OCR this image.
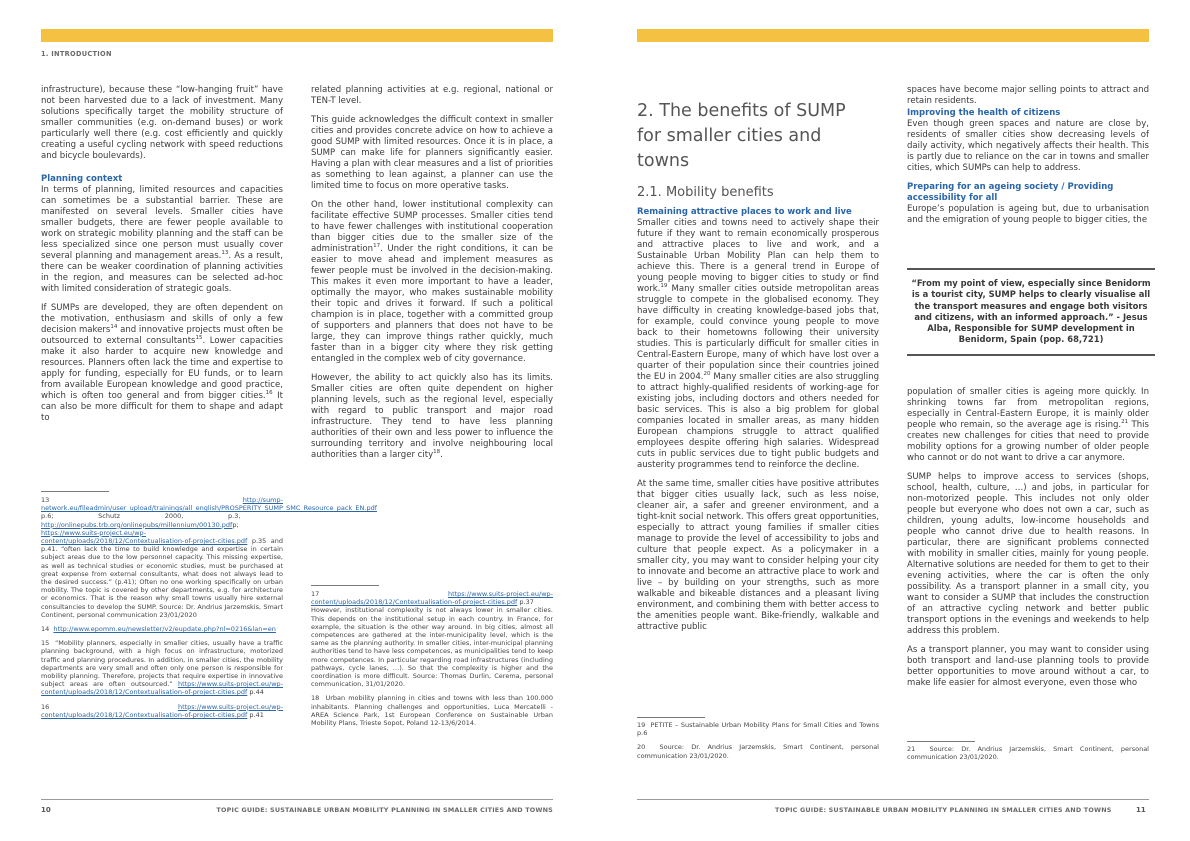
1. INTRODUCTION

infrastructure), because these “low-hanging fruit” have not been harvested due to a lack of investment. Many solutions specifically target the mobility structure of smaller communities (e.g. on-demand buses) or work particularly well there (e.g. cost efficiently and quickly creating a useful cycling network with speed reductions and bicycle boulevards).

Planning context

In terms of planning, limited resources and capacities can sometimes be a substantial barrier. These are manifested on several levels. Smaller cities have smaller budgets, there are fewer people available to work on strategic mobility planning and the staff can be less specialized since one person must usually cover several planning and management areas.$^{13}$. As a result, there can be weaker coordination of planning activities in the region, and measures can be selected ad-hoc with limited consideration of strategic goals.

If SUMPs are developed, they are often dependent on the motivation, enthusiasm and skills of only a few decision makers$^{14}$ and innovative projects must often be outsourced to external consultants$^{15}$. Lower capacities make it also harder to acquire new knowledge and resources. Planners often lack the time and expertise to apply for funding, especially for EU funds, or to learn from available European knowledge and good practice, which is often too general and from bigger cities.$^{16}$ It can also be more difficult for them to shape and adapt to

related planning activities at e.g. regional, national or TEN-T level.

This guide acknowledges the difficult context in smaller cities and provides concrete advice on how to achieve a good SUMP with limited resources. Once it is in place, a SUMP can make life for planners significantly easier. Having a plan with clear measures and a list of priorities as something to lean against, a planner can use the limited time to focus on more operative tasks.

On the other hand, lower institutional complexity can facilitate effective SUMP processes. Smaller cities tend to have fewer challenges with institutional cooperation than bigger cities due to the smaller size of the administration$^{17}$. Under the right conditions, it can be easier to move ahead and implement measures as fewer people must be involved in the decision-making. This makes it even more important to have a leader, optimally the mayor, who makes sustainable mobility their topic and drives it forward. If such a political champion is in place, together with a committed group of supporters and planners that does not have to be large, they can improve things rather quickly, much faster than in a bigger city where they risk getting entangled in the complex web of city governance.

However, the ability to act quickly also has its limits. Smaller cities are often quite dependent on higher planning levels, such as the regional level, especially with regard to public transport and major road infrastructure. They tend to have less planning authorities of their own and less power to influence the surrounding territory and involve neighbouring local authorities than a larger city$^{18}$.

13	http://sump-network.eu/fileadmin/user_upload/trainings/all_english/PROSPERITY_SUMP_SMC_Resource_pack_EN.pdf p.6; Schutz 2000, p.3, http://onlinepubs.trb.org/onlinepubs/millennium/00130.pdfp; https://www.suits-project.eu/wp-content/uploads/2018/12/Contextualisation-of-project-cities.pdf p.35 and p.41. “often lack the time to build knowledge and expertise in certain subject areas due to the low personnel capacity. This missing expertise, as well as technical studies or economic studies, must be purchased at great expense from external consultants, what does not always lead to the desired success.” (p.41); Often no one working specifically on urban mobility. The topic is covered by other departments, e.g. for architecture or economics. That is the reason why small towns usually hire external consultancies to develop the SUMP. Source: Dr. Andrius Jarzemskis, Smart Continent, personal communication 23/01/2020

14 http://www.epomm.eu/newsletter/v2/eupdate.php?nl=0216&lan=en

15 “Mobility planners, especially in smaller cities, usually have a traffic planning background, with a high focus on infrastructure, motorized traffic and planning procedures. In addition, in smaller cities, the mobility departments are very small and often only one person is responsible for mobility planning. Therefore, projects that require expertise in innovative subject areas are often outsourced.” https://www.suits-project.eu/wp-content/uploads/2018/12/Contextualisation-of-project-cities.pdf p.44

16	https://www.suits-project.eu/wp-content/uploads/2018/12/Contextualisation-of-project-cities.pdf p.41

17	https://www.suits-project.eu/wp-content/uploads/2018/12/Contextualisation-of-project-cities.pdf p.37
However, institutional complexity is not always lower in smaller cities. This depends on the institutional setup in each country. In France, for example, the situation is the other way around. In big cities, almost all competences are gathered at the inter-municipality level, which is the same as the planning authority. In smaller cities, inter-municipal planning authorities tend to have less competences, as municipalities tend to keep more competences. In particular regarding road infrastructures (including pathways, cycle lanes, …). So that the complexity is higher and the coordination is more difficult. Source: Thomas Durlin, Cerema, personal communication, 31/01/2020.

18 Urban mobility planning in cities and towns with less than 100.000 inhabitants. Planning challenges and opportunities, Luca Mercatelli - AREA Science Park, 1st European Conference on Sustainable Urban Mobility Plans, Trieste Sopot, Poland 12-13/6/2014.

10	TOPIC GUIDE: SUSTAINABLE URBAN MOBILITY PLANNING IN SMALLER CITIES AND TOWNS
2. The benefits of SUMP for smaller cities and towns
2.1. Mobility benefits
Remaining attractive places to work and live

Smaller cities and towns need to actively shape their future if they want to remain economically prosperous and attractive places to live and work, and a Sustainable Urban Mobility Plan can help them to achieve this. There is a general trend in Europe of young people moving to bigger cities to study or find work.$^{19}$ Many smaller cities outside metropolitan areas struggle to compete in the globalised economy. They have difficulty in creating knowledge-based jobs that, for example, could convince young people to move back to their hometowns following their university studies. This is particularly difficult for smaller cities in Central-Eastern Europe, many of which have lost over a quarter of their population since their countries joined the EU in 2004.20 Many smaller cities are also struggling to attract highly-qualified residents of working-age for existing jobs, including doctors and others needed for basic services. This is also a big problem for global companies located in smaller areas, as many hidden European champions struggle to attract qualified employees despite offering high salaries. Widespread cuts in public services due to tight public budgets and austerity programmes tend to reinforce the decline.

At the same time, smaller cities have positive attributes that bigger cities usually lack, such as less noise, cleaner air, a safer and greener environment, and a tight-knit social network. This offers great opportunities, especially to attract young families if smaller cities manage to provide the level of accessibility to jobs and culture that people expect. As a policymaker in a smaller city, you may want to consider helping your city to innovate and become an attractive place to work and live – by building on your strengths, such as more walkable and bikeable distances and a pleasant living environment, and combining them with better access to the amenities people want. Bike-friendly, walkable and attractive public

spaces have become major selling points to attract and retain residents.

Improving the health of citizens

Even though green spaces and nature are close by, residents of smaller cities show decreasing levels of daily activity, which negatively affects their health. This is partly due to reliance on the car in towns and smaller cities, which SUMPs can help to address.

Preparing for an ageing society / Providing accessibility for all

Europe’s population is ageing but, due to urbanisation and the emigration of young people to bigger cities, the

“From my point of view, especially since Benidorm is a tourist city, SUMP helps to clearly visualise all the transport measures and engage both visitors and citizens, with an informed approach.” - Jesus Alba, Responsible for SUMP development in Benidorm, Spain (pop. 68,721)

population of smaller cities is ageing more quickly. In shrinking towns far from metropolitan regions, especially in Central-Eastern Europe, it is mainly older people who remain, so the average age is rising.$^{21}$ This creates new challenges for cities that need to provide mobility options for a growing number of older people who cannot or do not want to drive a car anymore.

SUMP helps to improve access to services (shops, school, health, culture, …) and jobs, in particular for non-motorized people. This includes not only older people but everyone who does not own a car, such as children, young adults, low-income households and people who cannot drive due to health reasons. In particular, there are significant problems connected with mobility in smaller cities, mainly for young people. Alternative solutions are needed for them to get to their evening activities, where the car is often the only possibility. As a transport planner in a small city, you want to consider a SUMP that includes the construction of an attractive cycling network and better public transport options in the evenings and weekends to help address this problem.

As a transport planner, you may want to consider using both transport and land-use planning tools to provide better opportunities to move around without a car, to make life easier for almost everyone, even those who

19 PETITE – Sustainable Urban Mobility Plans for Small Cities and Towns p.6

20 Source: Dr. Andrius Jarzemskis, Smart Continent, personal communication 23/01/2020.

21 Source: Dr. Andrius Jarzemskis, Smart Continent, personal communication 23/01/2020.

TOPIC GUIDE: SUSTAINABLE URBAN MOBILITY PLANNING IN SMALLER CITIES AND TOWNS	11
